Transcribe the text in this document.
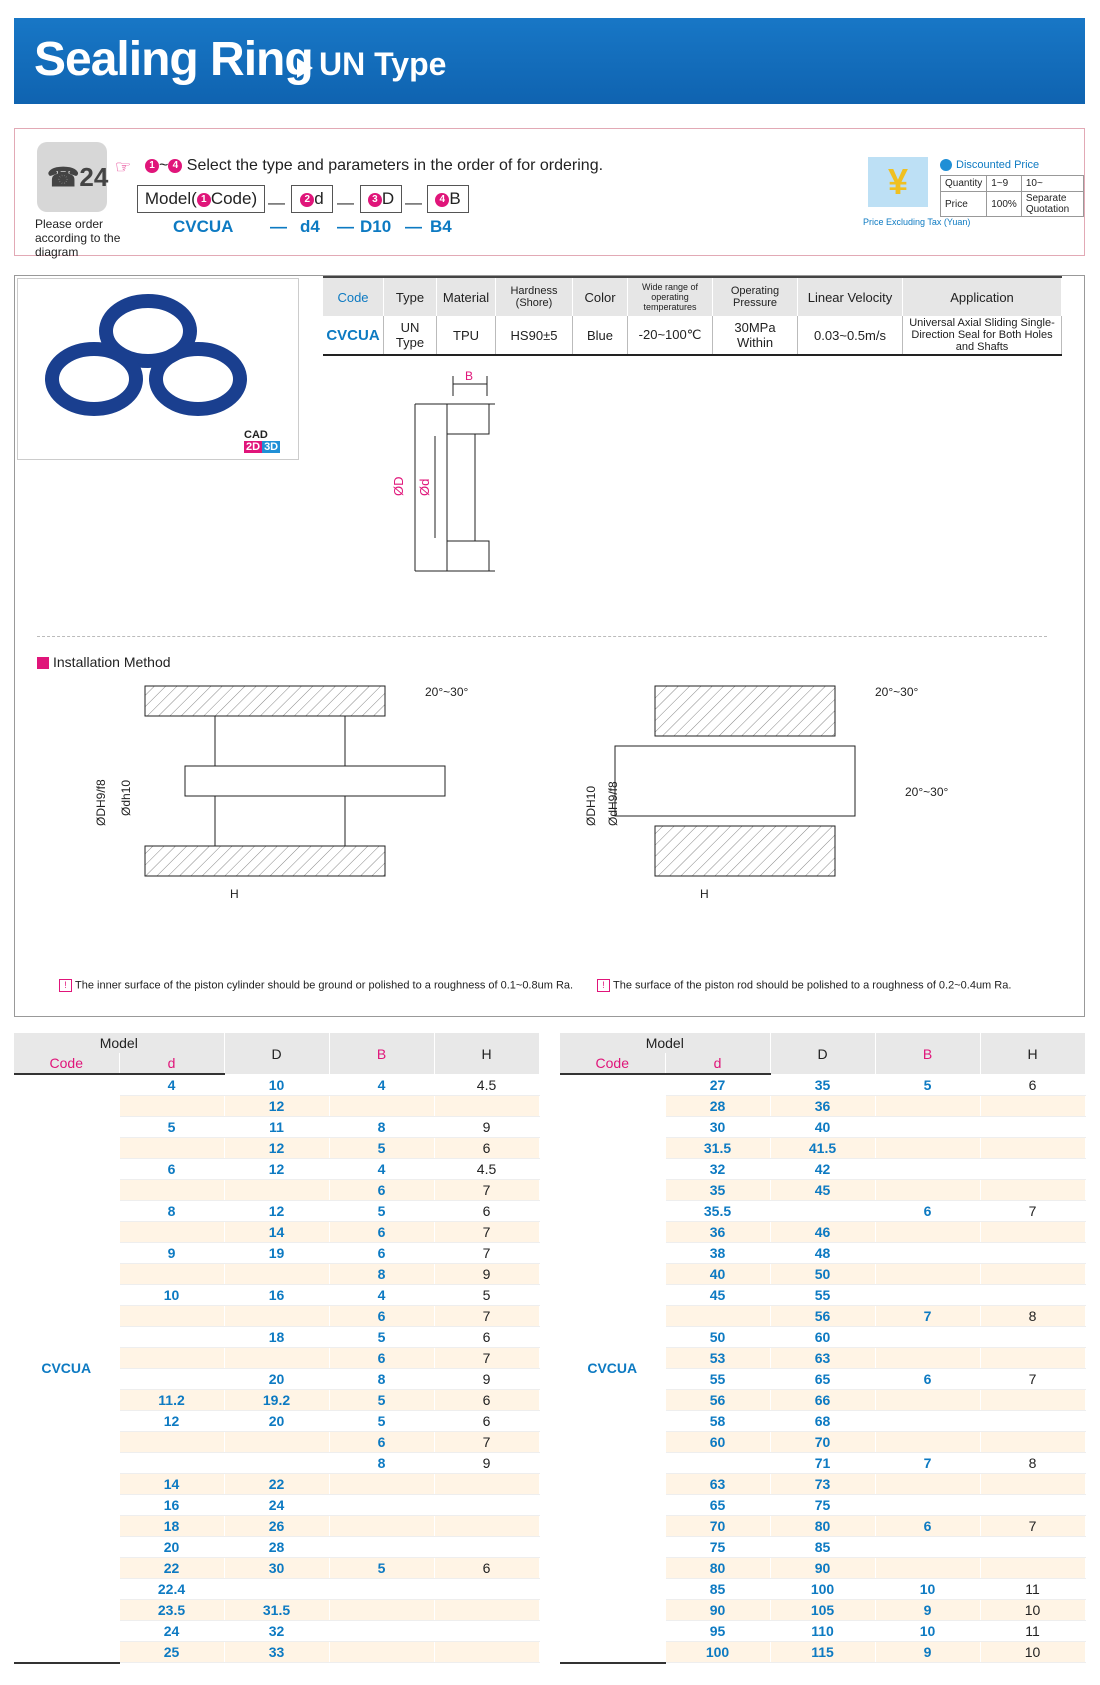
Sealing Ring UN Type
☎24
Please order according to the diagram
☞	1 ~ 4 Select the type and parameters in the order of for ordering.
Model( 1 Code) —	2 d —	3 D —	4 B
CVCUA — d4 — D10 — B4
¥
Price Excluding Tax (Yuan)
Discounted Price
Quantity	1~9	10~
Price	100%	Separate Quotation
CAD 2D 3D
Code	Type	Material	Hardness (Shore)	Color	Wide range of operating temperatures	Operating Pressure	Linear Velocity	Application
CVCUA	UN Type	TPU	HS90±5	Blue	-20~100℃	30MPa Within	0.03~0.5m/s	Universal Axial Sliding Single-Direction Seal for Both Holes and Shafts
B
ØD Ød
Installation Method
20°~30°
ØDH9/f8 Ødh10
H
20°~30°
20°~30°
ØDH10 ØdH9/f8
H
! The inner surface of the piston cylinder should be ground or polished to a roughness of 0.1~0.8um Ra.	! The surface of the piston rod should be polished to a roughness of 0.2~0.4um Ra.
Model		D	B	H
Code	d			
CVCUA	4	10	4	4.5
		12		
	5	11	8	9
		12	5	6
	6	12	4	4.5
			6	7
	8	12	5	6
		14	6	7
	9	19	6	7
			8	9
	10	16	4	5
			6	7
		18	5	6
			6	7
		20	8	9
	11.2	19.2	5	6
	12	20	5	6
			6	7
			8	9
	14	22		
	16	24		
	18	26		
	20	28		
	22	30	5	6
	22.4			
	23.5	31.5		
	24	32		
	25	33		
Model		D	B	H
Code	d			
CVCUA	27	35	5	6
	28	36		
	30	40		
	31.5	41.5		
	32	42		
	35	45		
	35.5		6	7
	36	46		
	38	48		
	40	50		
	45	55		
		56	7	8
	50	60		
	53	63		
	55	65	6	7
	56	66		
	58	68		
	60	70		
		71	7	8
	63	73		
	65	75		
	70	80	6	7
	75	85		
	80	90		
	85	100	10	11
	90	105	9	10
	95	110	10	11
	100	115	9	10
